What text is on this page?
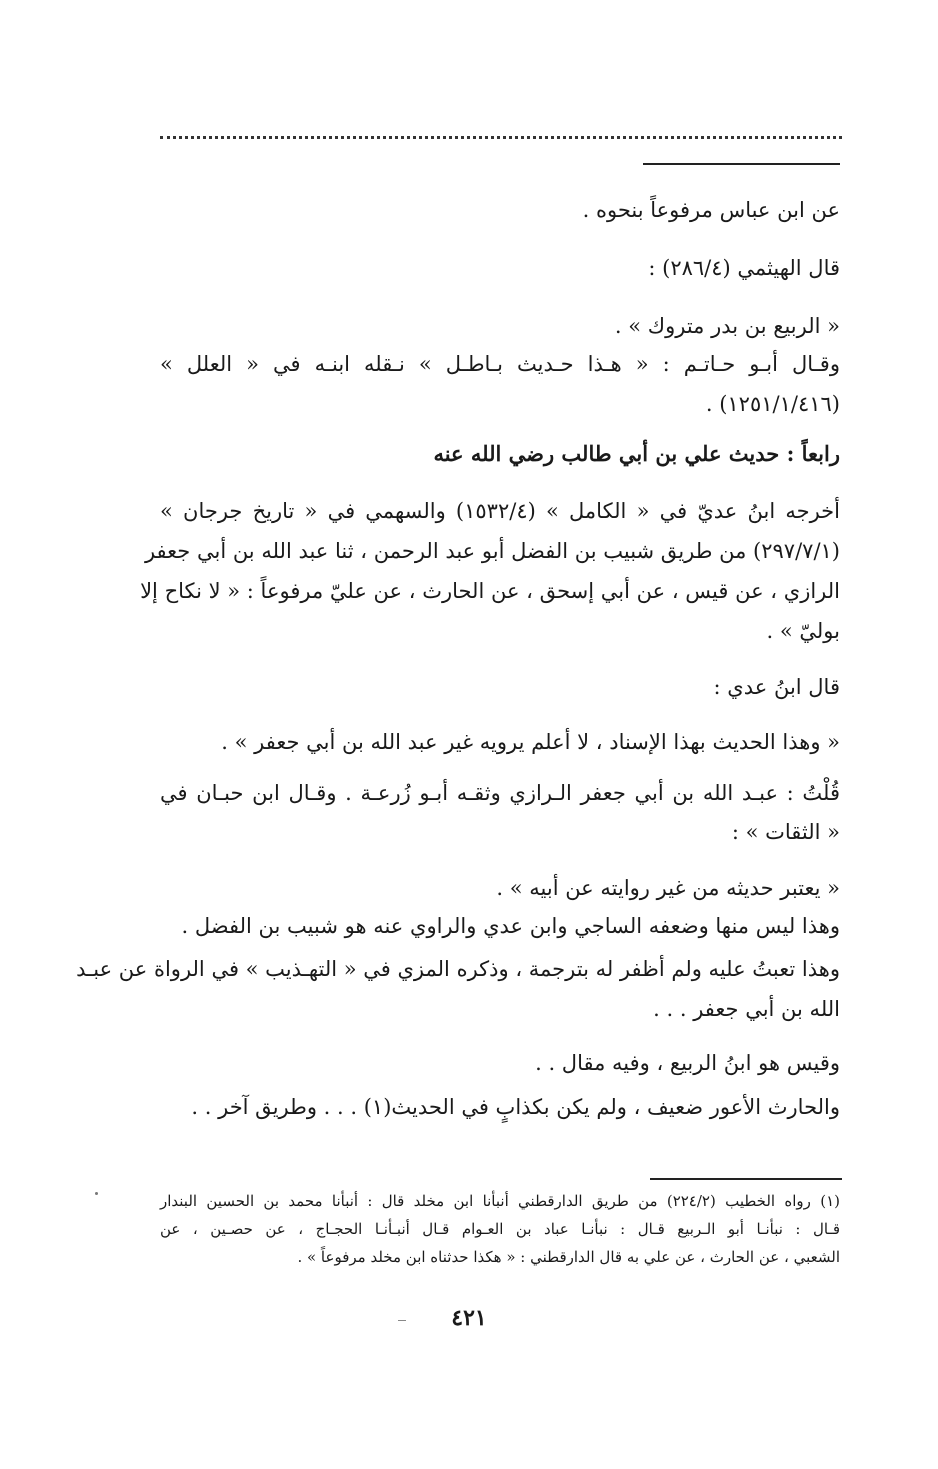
عن ابن عباس مرفوعاً بنحوه .
قال الهيثمي (٢٨٦/٤) :
« الربيع بن بدر متروك » .
وقـال أبـو حـاتـم : « هـذا حـديث بـاطـل » نـقله ابنـه في « العلل »
(١٢٥١/١/٤١٦) .
رابعاً : حديث علي بن أبي طالب رضي الله عنه
أخرجه ابنُ عديّ في « الكامل » (١٥٣٢/٤) والسهمي في « تاريخ جرجان »
(٢٩٧/٧/١) من طريق شبيب بن الفضل أبو عبد الرحمن ، ثنا عبد الله بن أبي جعفر
الرازي ، عن قيس ، عن أبي إسحق ، عن الحارث ، عن عليّ مرفوعاً : « لا نكاح إلا
بوليّ » .
قال ابنُ عدي :
« وهذا الحديث بهذا الإسناد ، لا أعلم يرويه غير عبد الله بن أبي جعفر » .
قُلْتُ : عبـد الله بن أبي جعفر الـرازي وثقـه أبـو زُرعـة . وقـال ابن حبـان في
« الثقات » :
« يعتبر حديثه من غير روايته عن أبيه » .
وهذا ليس منها وضعفه الساجي وابن عدي والراوي عنه هو شبيب بن الفضل .
وهذا تعبتُ عليه ولم أظفر له بترجمة ، وذكره المزي في « التهـذيب » في الرواة عن عبـد
الله بن أبي جعفر . . .
وقيس هو ابنُ الربيع ، وفيه مقال . .
والحارث الأعور ضعيف ، ولم يكن بكذابٍ في الحديث(١) . . . وطريق آخر . .
(١) رواه الخطيب (٢٢٤/٢) من طريق الدارقطني أنبأنا ابن مخلد قال : أنبأنا محمد بن الحسين البندار
قـال : نبأنـا أبو الـربيع قـال : نبأنـا عباد بن العـوام قـال أنبـأنـا الحجـاج ، عن حصـين ، عن
الشعبي ، عن الحارث ، عن علي به قال الدارقطني : « هكذا حدثناه ابن مخلد مرفوعاً » .
٤٢١
